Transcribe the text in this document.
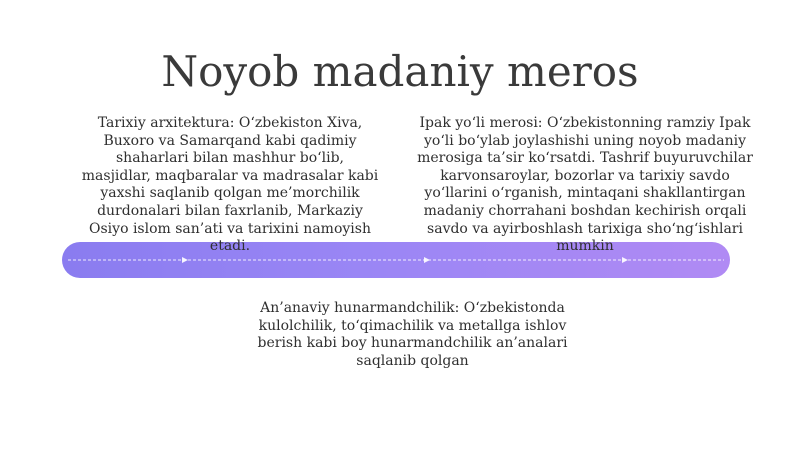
Noyob madaniy meros
Tarixiy arxitektura: O‘zbekiston Xiva, Buxoro va Samarqand kabi qadimiy shaharlari bilan mashhur bo‘lib, masjidlar, maqbaralar va madrasalar kabi yaxshi saqlanib qolgan me’morchilik durdonalari bilan faxrlanib, Markaziy Osiyo islom san’ati va tarixini namoyish etadi.
Ipak yo‘li merosi: O‘zbekistonning ramziy Ipak yo‘li bo‘ylab joylashishi uning noyob madaniy merosiga ta’sir ko‘rsatdi. Tashrif buyuruvchilar karvonsaroylar, bozorlar va tarixiy savdo yo‘llarini o‘rganish, mintaqani shakllantirgan madaniy chorrahani boshdan kechirish orqali savdo va ayirboshlash tarixiga sho‘ng‘ishlari mumkin
An’anaviy hunarmandchilik: O‘zbekistonda kulolchilik, to‘qimachilik va metallga ishlov berish kabi boy hunarmandchilik an’analari saqlanib qolgan
